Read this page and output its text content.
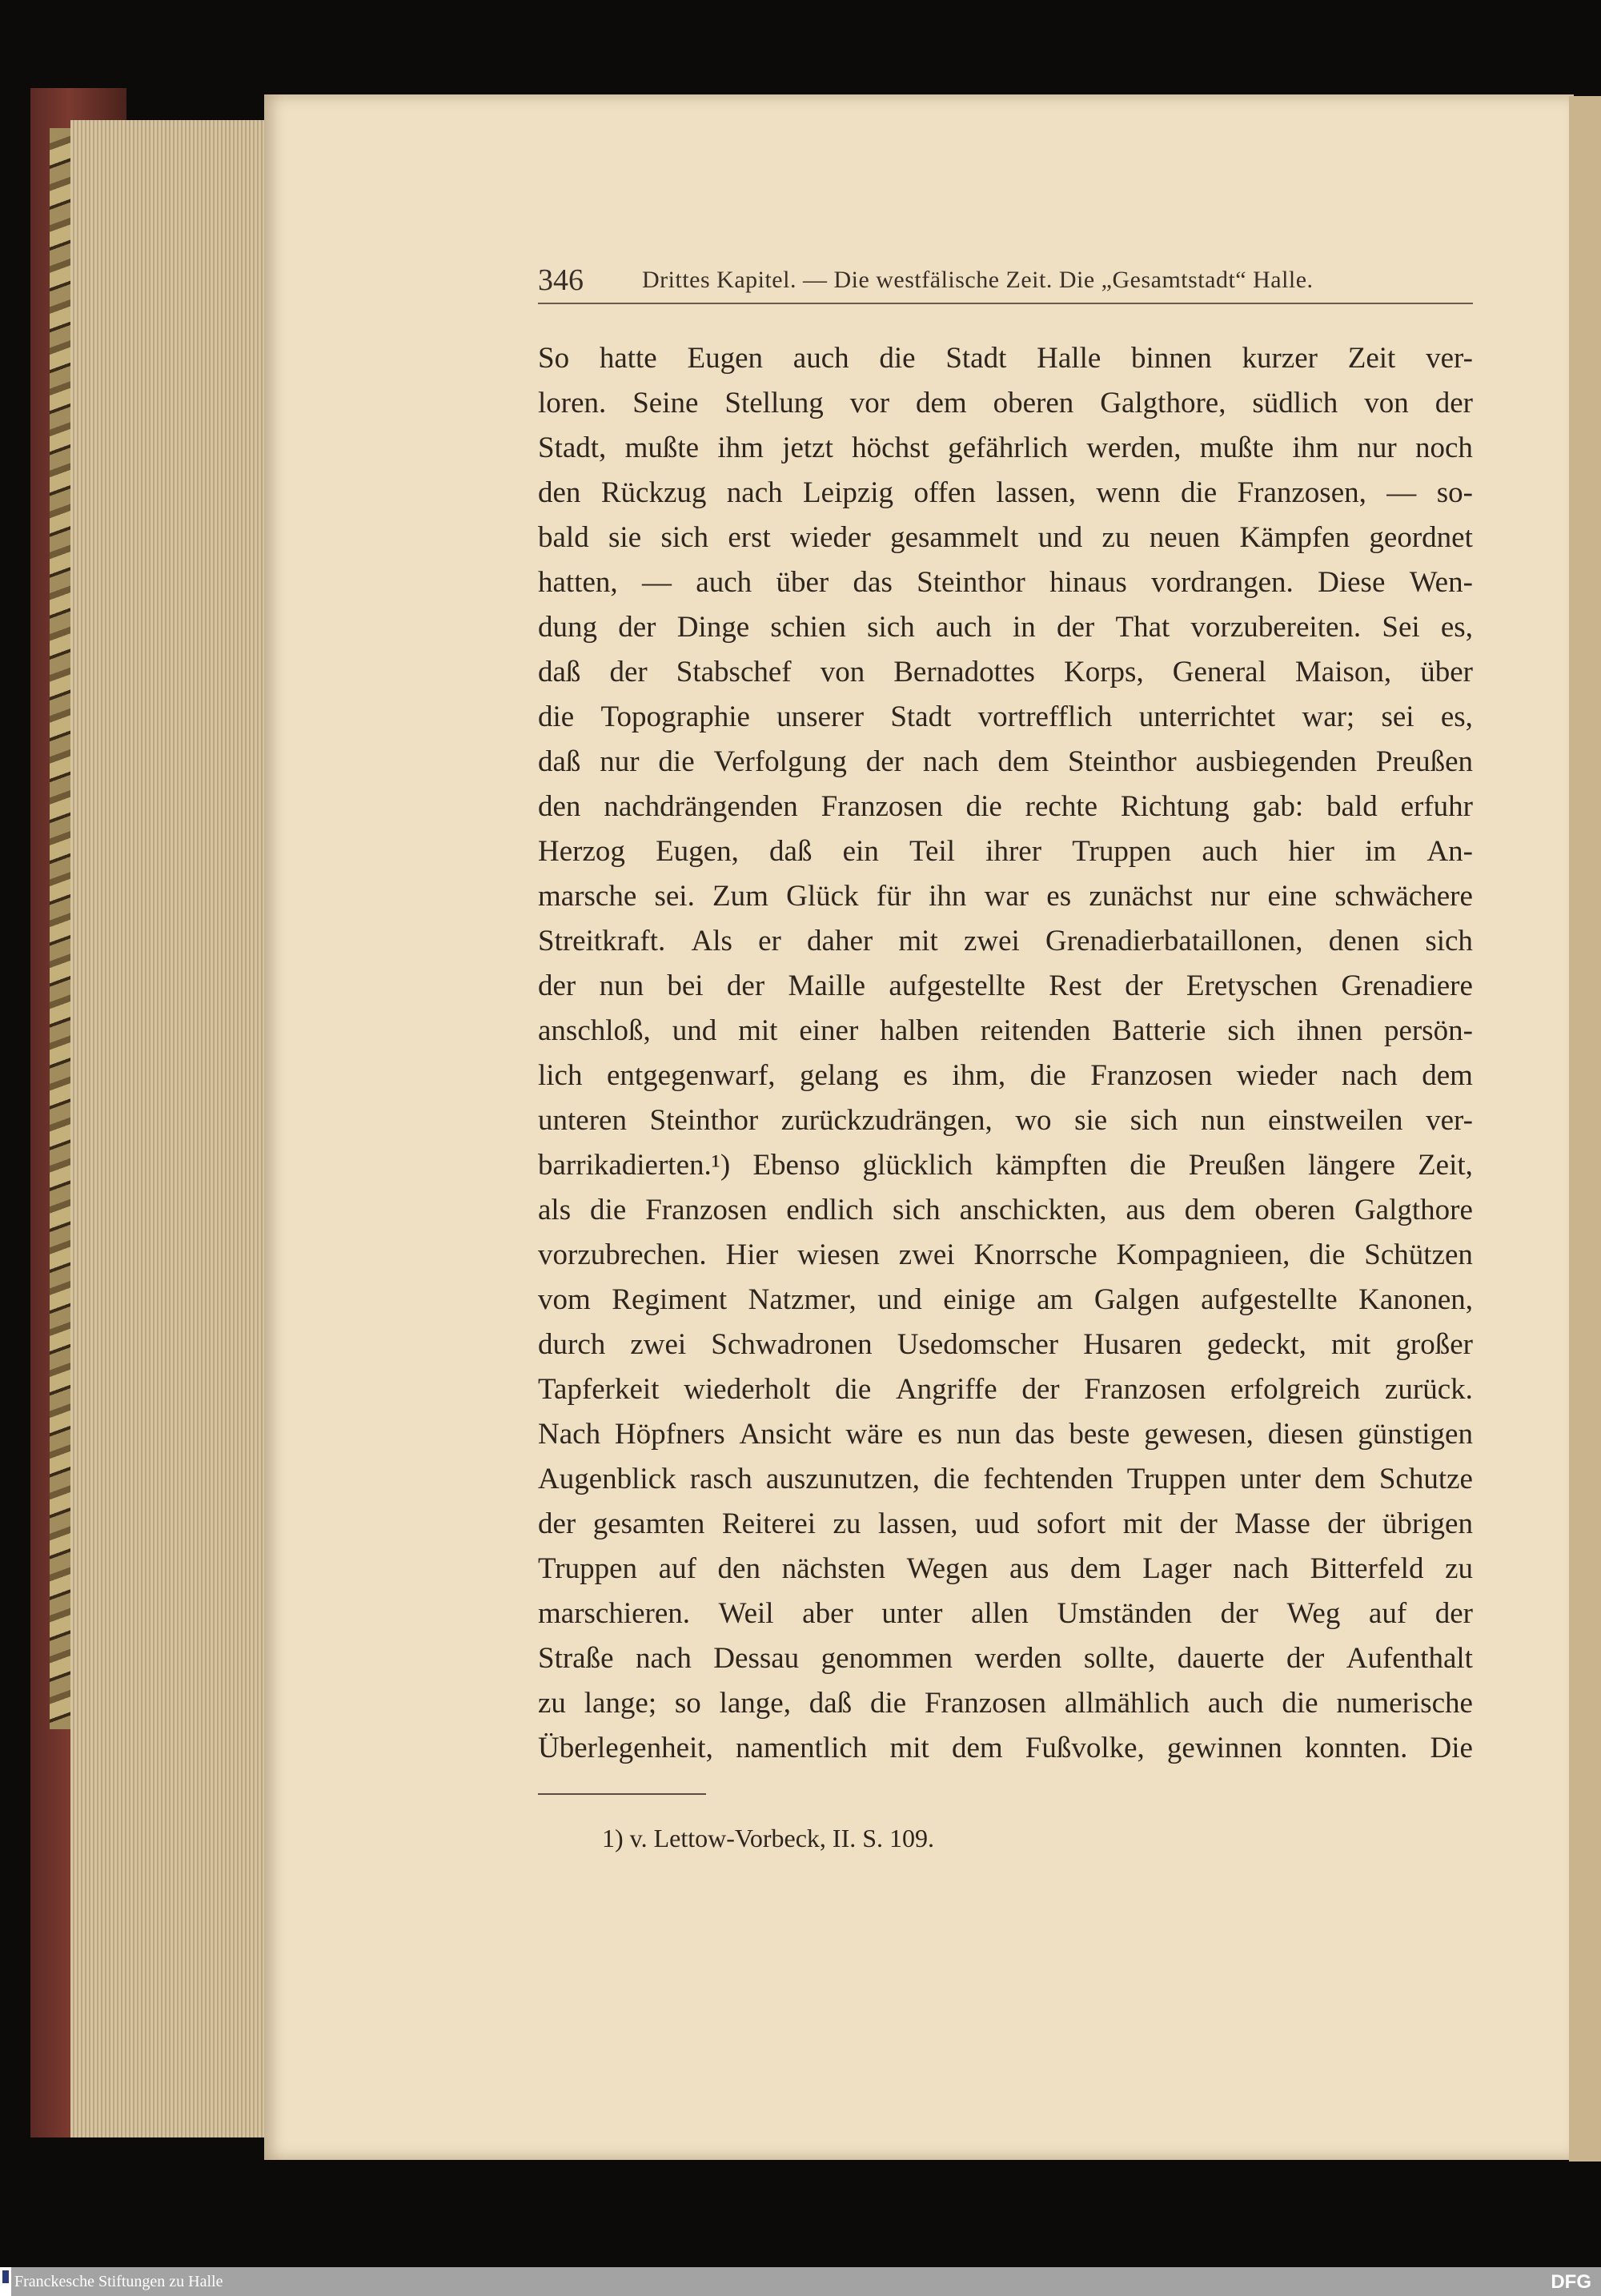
346	Drittes Kapitel. — Die westfälische Zeit. Die „Gesamtstadt“ Halle.
So hatte Eugen auch die Stadt Halle binnen kurzer Zeit ver-
loren. Seine Stellung vor dem oberen Galgthore, südlich von der
Stadt, mußte ihm jetzt höchst gefährlich werden, mußte ihm nur noch
den Rückzug nach Leipzig offen lassen, wenn die Franzosen, — so-
bald sie sich erst wieder gesammelt und zu neuen Kämpfen geordnet
hatten, — auch über das Steinthor hinaus vordrangen. Diese Wen-
dung der Dinge schien sich auch in der That vorzubereiten. Sei es,
daß der Stabschef von Bernadottes Korps, General Maison, über
die Topographie unserer Stadt vortrefflich unterrichtet war; sei es,
daß nur die Verfolgung der nach dem Steinthor ausbiegenden Preußen
den nachdrängenden Franzosen die rechte Richtung gab: bald erfuhr
Herzog Eugen, daß ein Teil ihrer Truppen auch hier im An-
marsche sei. Zum Glück für ihn war es zunächst nur eine schwächere
Streitkraft. Als er daher mit zwei Grenadierbataillonen, denen sich
der nun bei der Maille aufgestellte Rest der Eretyschen Grenadiere
anschloß, und mit einer halben reitenden Batterie sich ihnen persön-
lich entgegenwarf, gelang es ihm, die Franzosen wieder nach dem
unteren Steinthor zurückzudrängen, wo sie sich nun einstweilen ver-
barrikadierten.¹) Ebenso glücklich kämpften die Preußen längere Zeit,
als die Franzosen endlich sich anschickten, aus dem oberen Galgthore
vorzubrechen. Hier wiesen zwei Knorrsche Kompagnieen, die Schützen
vom Regiment Natzmer, und einige am Galgen aufgestellte Kanonen,
durch zwei Schwadronen Usedomscher Husaren gedeckt, mit großer
Tapferkeit wiederholt die Angriffe der Franzosen erfolgreich zurück.
Nach Höpfners Ansicht wäre es nun das beste gewesen, diesen günstigen
Augenblick rasch auszunutzen, die fechtenden Truppen unter dem Schutze
der gesamten Reiterei zu lassen, uud sofort mit der Masse der übrigen
Truppen auf den nächsten Wegen aus dem Lager nach Bitterfeld zu
marschieren. Weil aber unter allen Umständen der Weg auf der
Straße nach Dessau genommen werden sollte, dauerte der Aufenthalt
zu lange; so lange, daß die Franzosen allmählich auch die numerische
Überlegenheit, namentlich mit dem Fußvolke, gewinnen konnten. Die
1) v. Lettow-Vorbeck, II. S. 109.
Franckesche Stiftungen zu Halle	DFG
